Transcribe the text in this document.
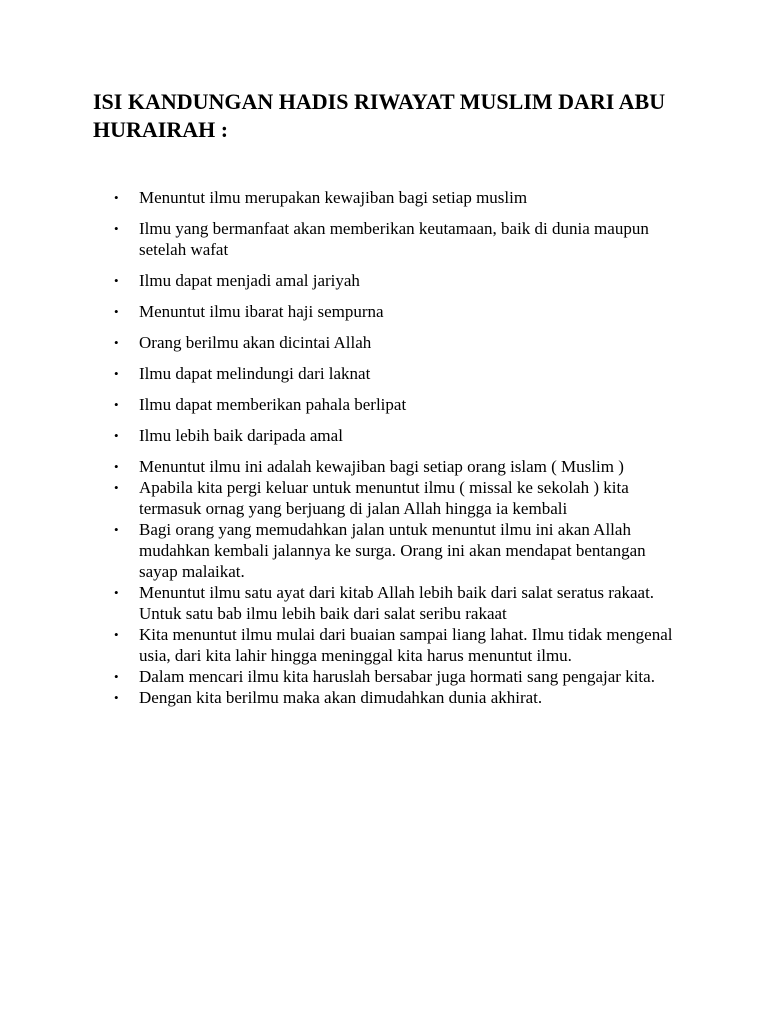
ISI KANDUNGAN HADIS RIWAYAT MUSLIM DARI ABU HURAIRAH :
• Menuntut ilmu merupakan kewajiban bagi setiap muslim
• Ilmu yang bermanfaat akan memberikan keutamaan, baik di dunia maupun setelah wafat
• Ilmu dapat menjadi amal jariyah
• Menuntut ilmu ibarat haji sempurna
• Orang berilmu akan dicintai Allah
• Ilmu dapat melindungi dari laknat
• Ilmu dapat memberikan pahala berlipat
• Ilmu lebih baik daripada amal
• Menuntut ilmu ini adalah kewajiban bagi setiap orang islam ( Muslim )
• Apabila kita pergi keluar untuk menuntut ilmu ( missal ke sekolah ) kita termasuk ornag yang berjuang di jalan Allah hingga ia kembali
• Bagi orang yang memudahkan jalan untuk menuntut ilmu ini akan Allah mudahkan kembali jalannya ke surga. Orang ini akan mendapat bentangan sayap malaikat.
• Menuntut ilmu satu ayat dari kitab Allah lebih baik dari salat seratus rakaat. Untuk satu bab ilmu lebih baik dari salat seribu rakaat
• Kita menuntut ilmu mulai dari buaian sampai liang lahat. Ilmu tidak mengenal usia, dari kita lahir hingga meninggal kita harus menuntut ilmu.
• Dalam mencari ilmu kita haruslah bersabar juga hormati sang pengajar kita.
• Dengan kita berilmu maka akan dimudahkan dunia akhirat.
